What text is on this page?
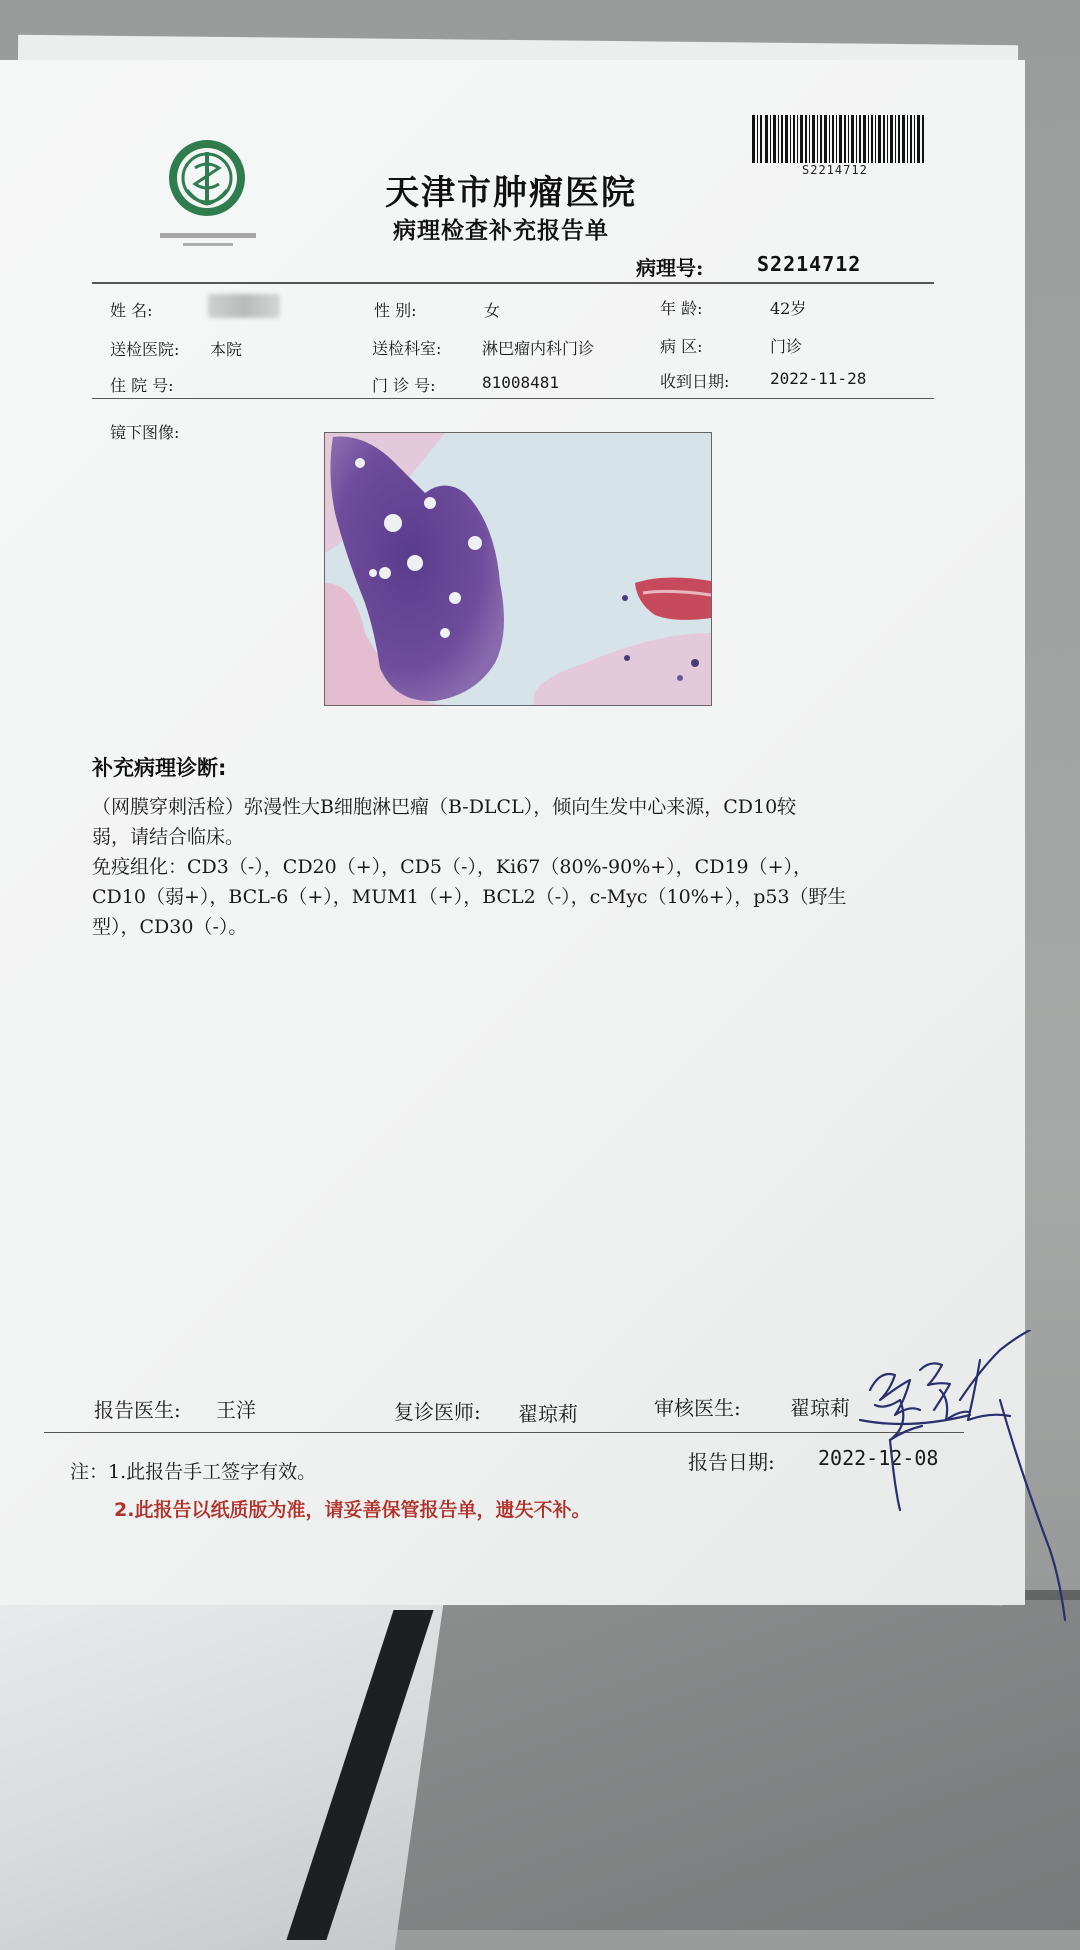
S2214712
天津市肿瘤医院
病理检查补充报告单
病理号:	S2214712
姓 名:	性 别:	女	年 龄:	42岁
送检医院: 本院	送检科室:	淋巴瘤内科门诊	病 区:	门诊
住 院 号:	门 诊 号:	81008481	收到日期:	2022-11-28
镜下图像:
补充病理诊断:

（网膜穿刺活检）弥漫性大B细胞淋巴瘤（B-DLCL），倾向生发中心来源，CD10较

弱，请结合临床。

免疫组化：CD3（-），CD20（+），CD5（-），Ki67（80%-90%+），CD19（+），

CD10（弱+），BCL-6（+），MUM1（+），BCL2（-），c-Myc（10%+），p53（野生

型），CD30（-）。

报告医生: 王洋	复诊医师: 翟琼莉	审核医生: 翟琼莉
报告日期: 2022-12-08
注：1.此报告手工签字有效。
2.此报告以纸质版为准，请妥善保管报告单，遗失不补。
